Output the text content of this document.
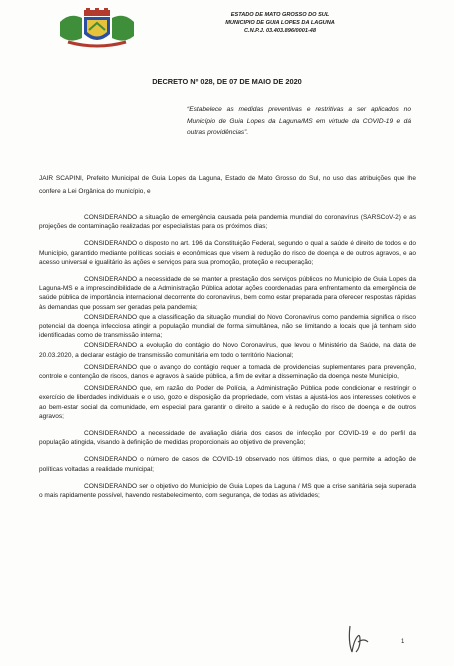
ESTADO DE MATO GROSSO DO SUL
MUNICIPIO DE GUIA LOPES DA LAGUNA
C.N.P.J. 03.403.896/0001-48
DECRETO Nº 028, DE 07 DE MAIO DE 2020
“Estabelece as medidas preventivas e restritivas a ser aplicados no Município de Guia Lopes da Laguna/MS em virtude da COVID-19 e dá outras providências”.
JAIR SCAPINI, Prefeito Municipal de Guia Lopes da Laguna, Estado de Mato Grosso do Sul, no uso das atribuições que lhe confere a Lei Orgânica do município, e

CONSIDERANDO a situação de emergência causada pela pandemia mundial do coronavírus (SARSCoV-2) e as projeções de contaminação realizadas por especialistas para os próximos dias;

CONSIDERANDO o disposto no art. 196 da Constituição Federal, segundo o qual a saúde é direito de todos e do Município, garantido mediante políticas sociais e econômicas que visem à redução do risco de doença e de outros agravos, e ao acesso universal e igualitário às ações e serviços para sua promoção, proteção e recuperação;

CONSIDERANDO a necessidade de se manter a prestação dos serviços públicos no Município de Guia Lopes da Laguna-MS e a imprescindibilidade de a Administração Pública adotar ações coordenadas para enfrentamento da emergência de saúde pública de importância internacional decorrente do coronavírus, bem como estar preparada para oferecer respostas rápidas às demandas que possam ser geradas pela pandemia;

CONSIDERANDO que a classificação da situação mundial do Novo Coronavírus como pandemia significa o risco potencial da doença infecciosa atingir a população mundial de forma simultânea, não se limitando a locais que já tenham sido identificadas como de transmissão interna;

CONSIDERANDO a evolução do contágio do Novo Coronavírus, que levou o Ministério da Saúde, na data de 20.03.2020, a declarar estágio de transmissão comunitária em todo o território Nacional;

CONSIDERANDO que o avanço do contágio requer a tomada de providencias suplementares para prevenção, controle e contenção de riscos, danos e agravos à saúde pública, a fim de evitar a disseminação da doença neste Município,

CONSIDERANDO que, em razão do Poder de Polícia, a Administração Pública pode condicionar e restringir o exercício de liberdades individuais e o uso, gozo e disposição da propriedade, com vistas a ajustá-los aos interesses coletivos e ao bem-estar social da comunidade, em especial para garantir o direito a saúde e à redução do risco de doença e de outros agravos;

CONSIDERANDO a necessidade de avaliação diária dos casos de infecção por COVID-19 e do perfil da população atingida, visando à definição de medidas proporcionais ao objetivo de prevenção;

CONSIDERANDO o número de casos de COVID-19 observado nos últimos dias, o que permite a adoção de políticas voltadas a realidade municipal;

CONSIDERANDO ser o objetivo do Município de Guia Lopes da Laguna / MS que a crise sanitária seja superada o mais rapidamente possível, havendo restabelecimento, com segurança, de todas as atividades;

1
